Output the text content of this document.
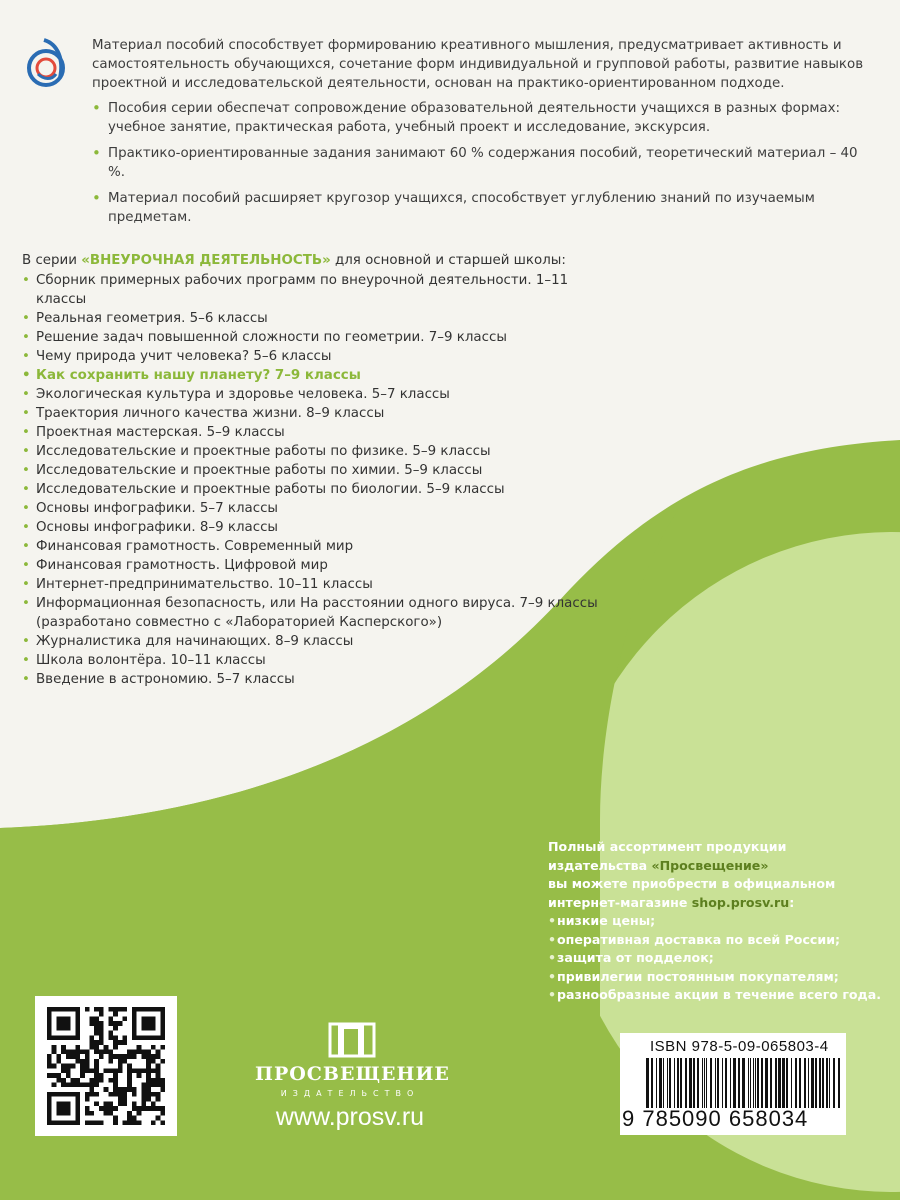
Материал пособий способствует формированию креативного мышления, предусматривает активность и самостоятельность обучающихся, сочетание форм индивидуальной и групповой работы, развитие навыков проектной и исследовательской деятельности, основан на практико-ориентированном подходе.

• Пособия серии обеспечат сопровождение образовательной деятельности учащихся в разных формах: учебное занятие, практическая работа, учебный проект и исследование, экскурсия.
• Практико-ориентированные задания занимают 60 % содержания пособий, теоретический материал – 40 %.
• Материал пособий расширяет кругозор учащихся, способствует углублению знаний по изучаемым предметам.
В серии «ВНЕУРОЧНАЯ ДЕЯТЕЛЬНОСТЬ» для основной и старшей школы:
• Сборник примерных рабочих программ по внеурочной деятельности. 1–11 классы
• Реальная геометрия. 5–6 классы
• Решение задач повышенной сложности по геометрии. 7–9 классы
• Чему природа учит человека? 5–6 классы
• Как сохранить нашу планету? 7–9 классы
• Экологическая культура и здоровье человека. 5–7 классы
• Траектория личного качества жизни. 8–9 классы
• Проектная мастерская. 5–9 классы
• Исследовательские и проектные работы по физике. 5–9 классы
• Исследовательские и проектные работы по химии. 5–9 классы
• Исследовательские и проектные работы по биологии. 5–9 классы
• Основы инфографики. 5–7 классы
• Основы инфографики. 8–9 классы
• Финансовая грамотность. Современный мир
• Финансовая грамотность. Цифровой мир
• Интернет-предпринимательство. 10–11 классы
• Информационная безопасность, или На расстоянии одного вируса. 7–9 классы (разработано совместно с «Лабораторией Касперского»)
• Журналистика для начинающих. 8–9 классы
• Школа волонтёра. 10–11 классы
• Введение в астрономию. 5–7 классы
Полный ассортимент продукции
издательства «Просвещение»
вы можете приобрести в официальном
интернет-магазине shop.prosv.ru:
• низкие цены;
• оперативная доставка по всей России;
• защита от подделок;
• привилегии постоянным покупателям;
• разнообразные акции в течение всего года.
ПРОСВЕЩЕНИЕ
ИЗДАТЕЛЬСТВО
www.prosv.ru
ISBN 978-5-09-065803-4
9 785090 658034
